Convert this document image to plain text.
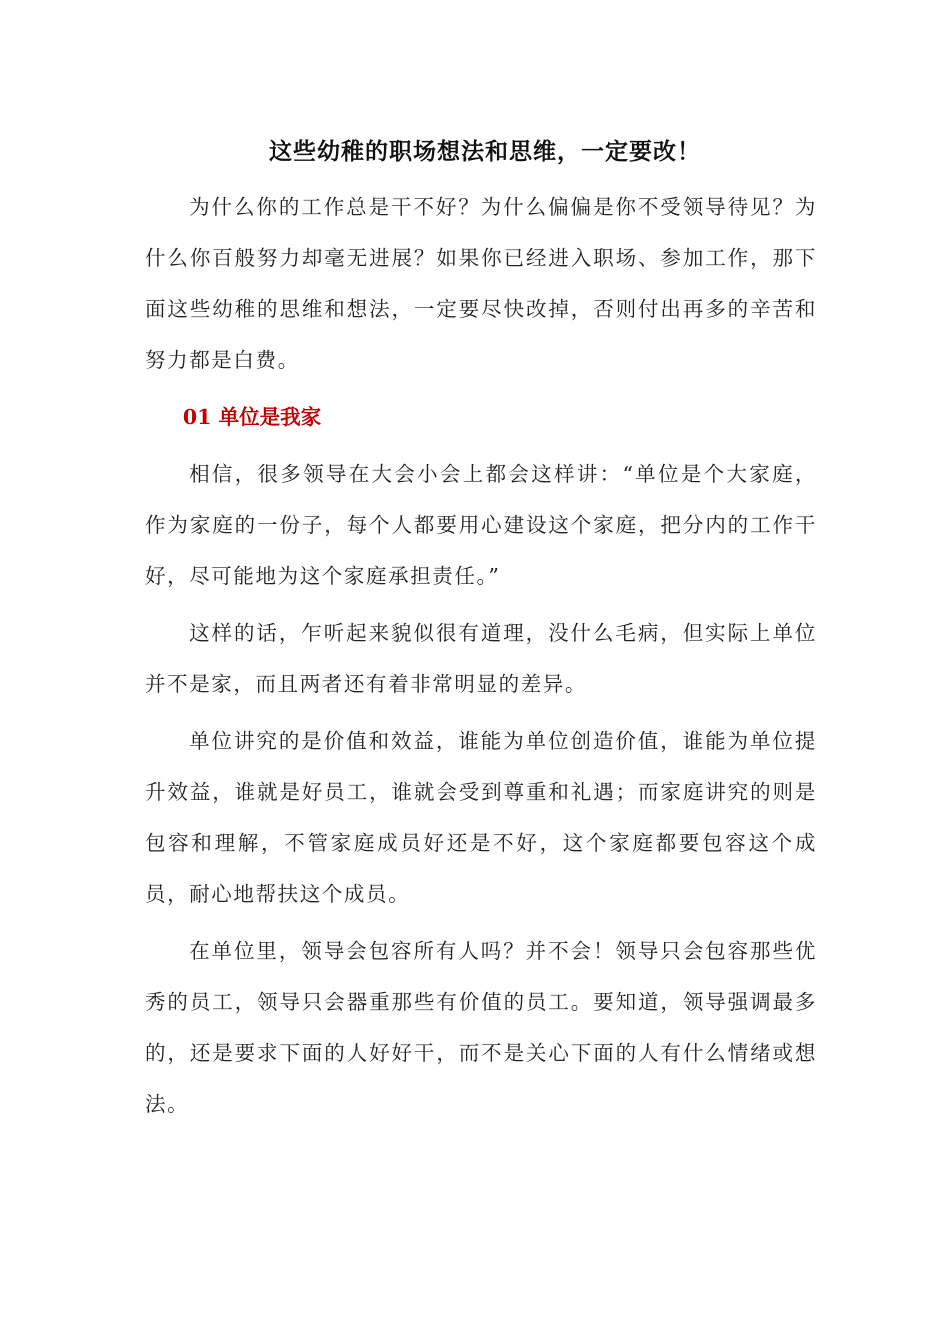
这些幼稚的职场想法和思维，一定要改！

为什么你的工作总是干不好？为什么偏偏是你不受领导待见？为什么你百般努力却毫无进展？如果你已经进入职场、参加工作，那下面这些幼稚的思维和想法，一定要尽快改掉，否则付出再多的辛苦和努力都是白费。

01 单位是我家

相信，很多领导在大会小会上都会这样讲：“单位是个大家庭，作为家庭的一份子，每个人都要用心建设这个家庭，把分内的工作干好，尽可能地为这个家庭承担责任。”

这样的话，乍听起来貌似很有道理，没什么毛病，但实际上单位并不是家，而且两者还有着非常明显的差异。

单位讲究的是价值和效益，谁能为单位创造价值，谁能为单位提升效益，谁就是好员工，谁就会受到尊重和礼遇；而家庭讲究的则是包容和理解，不管家庭成员好还是不好，这个家庭都要包容这个成员，耐心地帮扶这个成员。

在单位里，领导会包容所有人吗？并不会！领导只会包容那些优秀的员工，领导只会器重那些有价值的员工。要知道，领导强调最多的，还是要求下面的人好好干，而不是关心下面的人有什么情绪或想法。
